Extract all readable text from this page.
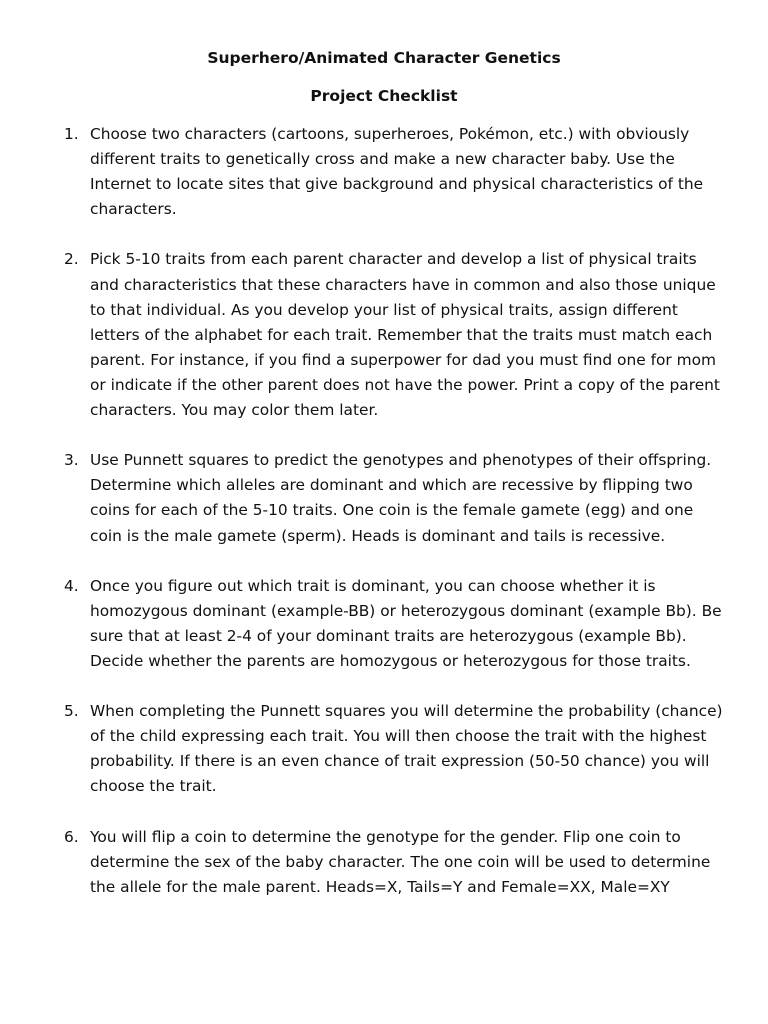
Superhero/Animated Character Genetics
Project Checklist
1. Choose two characters (cartoons, superheroes, Pokémon, etc.) with obviously different traits to genetically cross and make a new character baby. Use the Internet to locate sites that give background and physical characteristics of the characters.
2. Pick 5-10 traits from each parent character and develop a list of physical traits and characteristics that these characters have in common and also those unique to that individual. As you develop your list of physical traits, assign different letters of the alphabet for each trait. Remember that the traits must match each parent. For instance, if you find a superpower for dad you must find one for mom or indicate if the other parent does not have the power. Print a copy of the parent characters. You may color them later.
3. Use Punnett squares to predict the genotypes and phenotypes of their offspring. Determine which alleles are dominant and which are recessive by flipping two coins for each of the 5-10 traits. One coin is the female gamete (egg) and one coin is the male gamete (sperm). Heads is dominant and tails is recessive.
4. Once you figure out which trait is dominant, you can choose whether it is homozygous dominant (example-BB) or heterozygous dominant (example Bb). Be sure that at least 2-4 of your dominant traits are heterozygous (example Bb). Decide whether the parents are homozygous or heterozygous for those traits.
5. When completing the Punnett squares you will determine the probability (chance) of the child expressing each trait. You will then choose the trait with the highest probability. If there is an even chance of trait expression (50-50 chance) you will choose the trait.
6. You will flip a coin to determine the genotype for the gender. Flip one coin to determine the sex of the baby character. The one coin will be used to determine the allele for the male parent. Heads=X, Tails=Y and Female=XX, Male=XY
